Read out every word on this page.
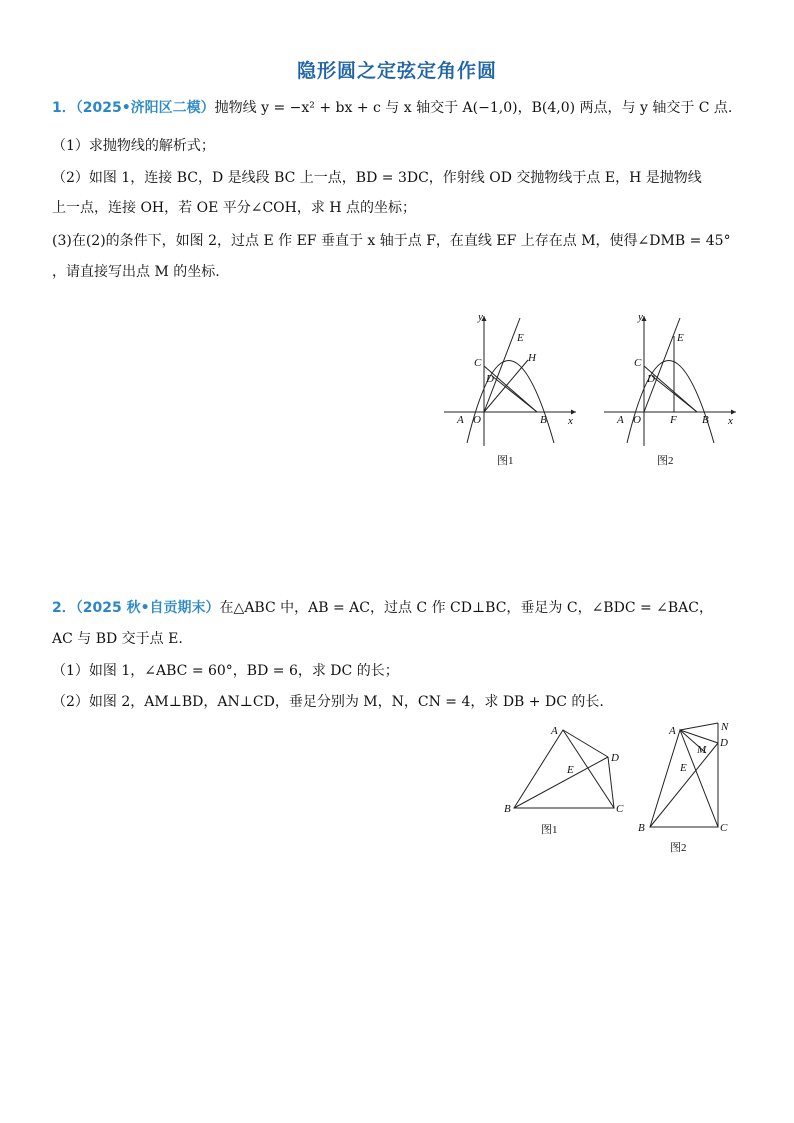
隐形圆之定弦定角作圆
1．（2025•济阳区二模）抛物线 y = −x² + bx + c 与 x 轴交于 A(−1,0)，B(4,0) 两点，与 y 轴交于 C 点.
（1）求抛物线的解析式；
（2）如图 1，连接 BC，D 是线段 BC 上一点，BD = 3DC，作射线 OD 交抛物线于点 E，H 是抛物线
上一点，连接 OH，若 OE 平分∠COH，求 H 点的坐标；
(3)在(2)的条件下，如图 2，过点 E 作 EF 垂直于 x 轴于点 F，在直线 EF 上存在点 M，使得∠DMB = 45°
，请直接写出点 M 的坐标.
y
x
A O	B
C
D
E
H
图1
y
x
A O	B
F
C
D
E
图2
2．（2025 秋•自贡期末）在△ABC 中，AB = AC，过点 C 作 CD⊥BC，垂足为 C，∠BDC = ∠BAC，
AC 与 BD 交于点 E.
（1）如图 1，∠ABC = 60°，BD = 6，求 DC 的长；
（2）如图 2，AM⊥BD，AN⊥CD，垂足分别为 M，N，CN = 4，求 DB + DC 的长.
A
B	C
D
E
图1
A
B	C
D
E
M
N
图2
